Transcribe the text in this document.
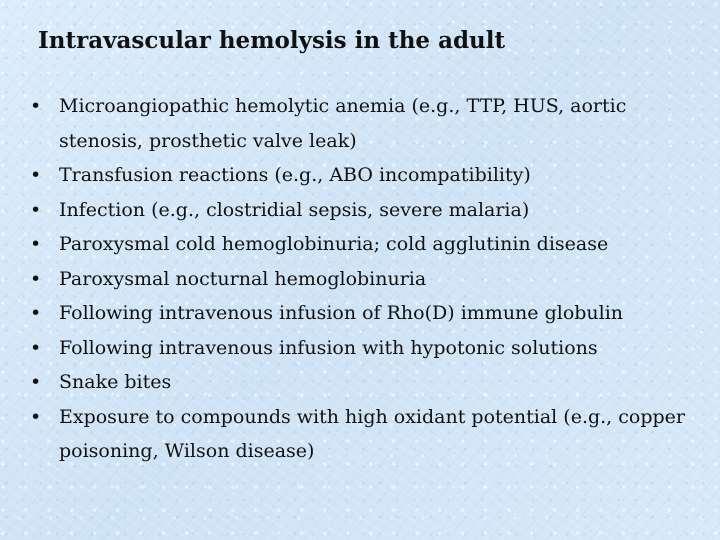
Intravascular hemolysis in the adult
• Microangiopathic hemolytic anemia (e.g., TTP, HUS, aortic stenosis, prosthetic valve leak)
• Transfusion reactions (e.g., ABO incompatibility)
• Infection (e.g., clostridial sepsis, severe malaria)
• Paroxysmal cold hemoglobinuria; cold agglutinin disease
• Paroxysmal nocturnal hemoglobinuria
• Following intravenous infusion of Rho(D) immune globulin
• Following intravenous infusion with hypotonic solutions
• Snake bites
• Exposure to compounds with high oxidant potential (e.g., copper poisoning, Wilson disease)
